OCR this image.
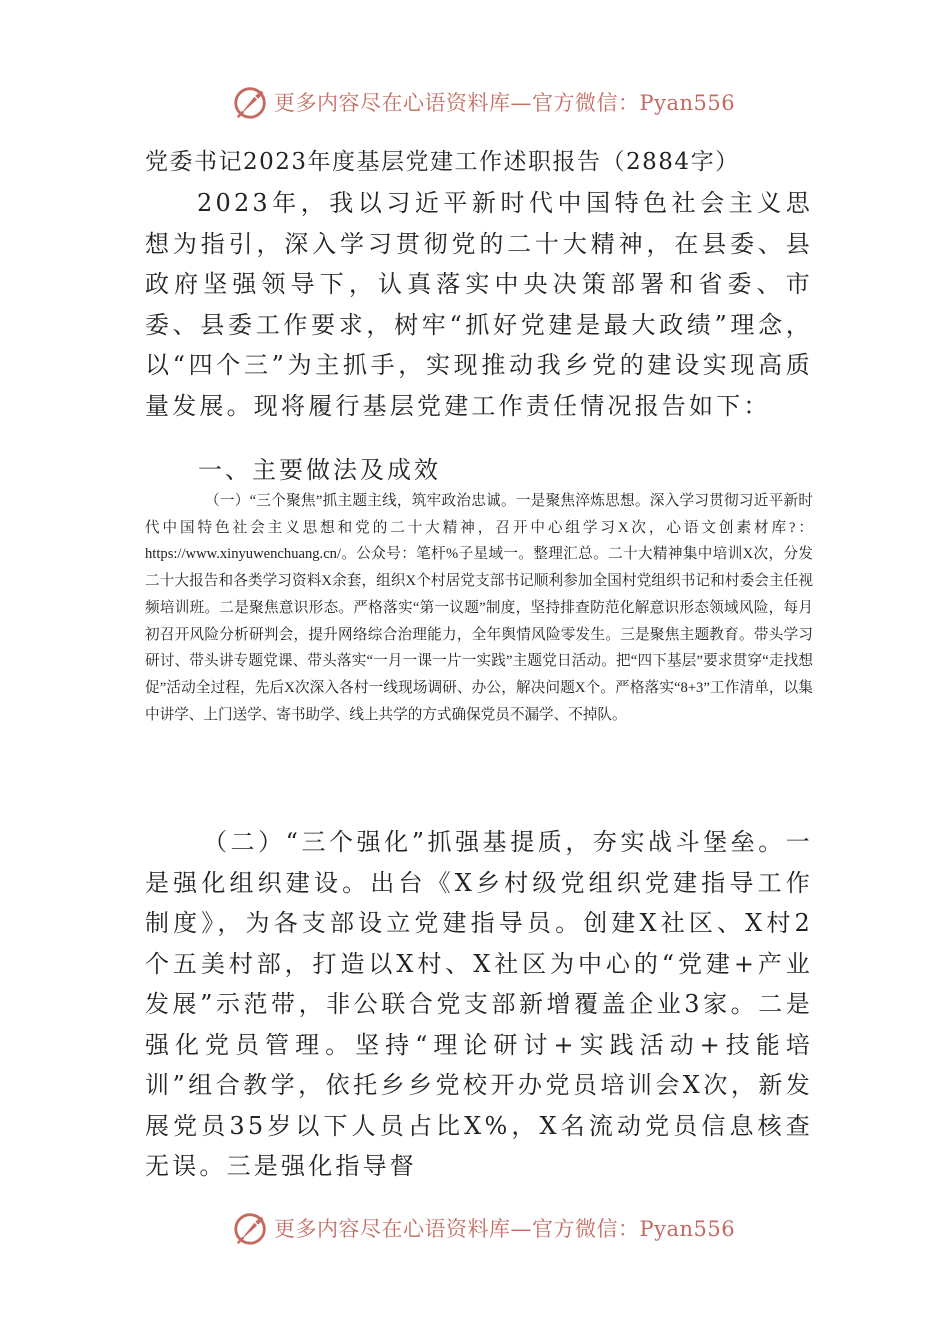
更多内容尽在心语资料库—官方微信：Pyan556
党委书记2023年度基层党建工作述职报告（2884字）
2023年，我以习近平新时代中国特色社会主义思想为指引，深入学习贯彻党的二十大精神，在县委、县政府坚强领导下，认真落实中央决策部署和省委、市委、县委工作要求，树牢“抓好党建是最大政绩”理念，以“四个三”为主抓手，实现推动我乡党的建设实现高质量发展。现将履行基层党建工作责任情况报告如下：
一、主要做法及成效
（一）“三个聚焦”抓主题主线，筑牢政治忠诚。一是聚焦淬炼思想。深入学习贯彻习近平新时代中国特色社会主义思想和党的二十大精神，召开中心组学习X次，心语文创素材库?：https://www.xinyuwenchuang.cn/。公众号：笔杆%子星域一。整理汇总。二十大精神集中培训X次，分发二十大报告和各类学习资料X余套，组织X个村居党支部书记顺利参加全国村党组织书记和村委会主任视频培训班。二是聚焦意识形态。严格落实“第一议题”制度，坚持排查防范化解意识形态领域风险，每月初召开风险分析研判会，提升网络综合治理能力，全年舆情风险零发生。三是聚焦主题教育。带头学习研讨、带头讲专题党课、带头落实“一月一课一片一实践”主题党日活动。把“四下基层”要求贯穿“走找想促”活动全过程，先后X次深入各村一线现场调研、办公，解决问题X个。严格落实“8+3”工作清单，以集中讲学、上门送学、寄书助学、线上共学的方式确保党员不漏学、不掉队。
（二）“三个强化”抓强基提质，夯实战斗堡垒。一是强化组织建设。出台《X乡村级党组织党建指导工作制度》，为各支部设立党建指导员。创建X社区、X村2个五美村部，打造以X村、X社区为中心的“党建+产业发展”示范带，非公联合党支部新增覆盖企业3家。二是强化党员管理。坚持“理论研讨+实践活动+技能培训”组合教学，依托乡乡党校开办党员培训会X次，新发展党员35岁以下人员占比X%，X名流动党员信息核查无误。三是强化指导督
更多内容尽在心语资料库—官方微信：Pyan556
